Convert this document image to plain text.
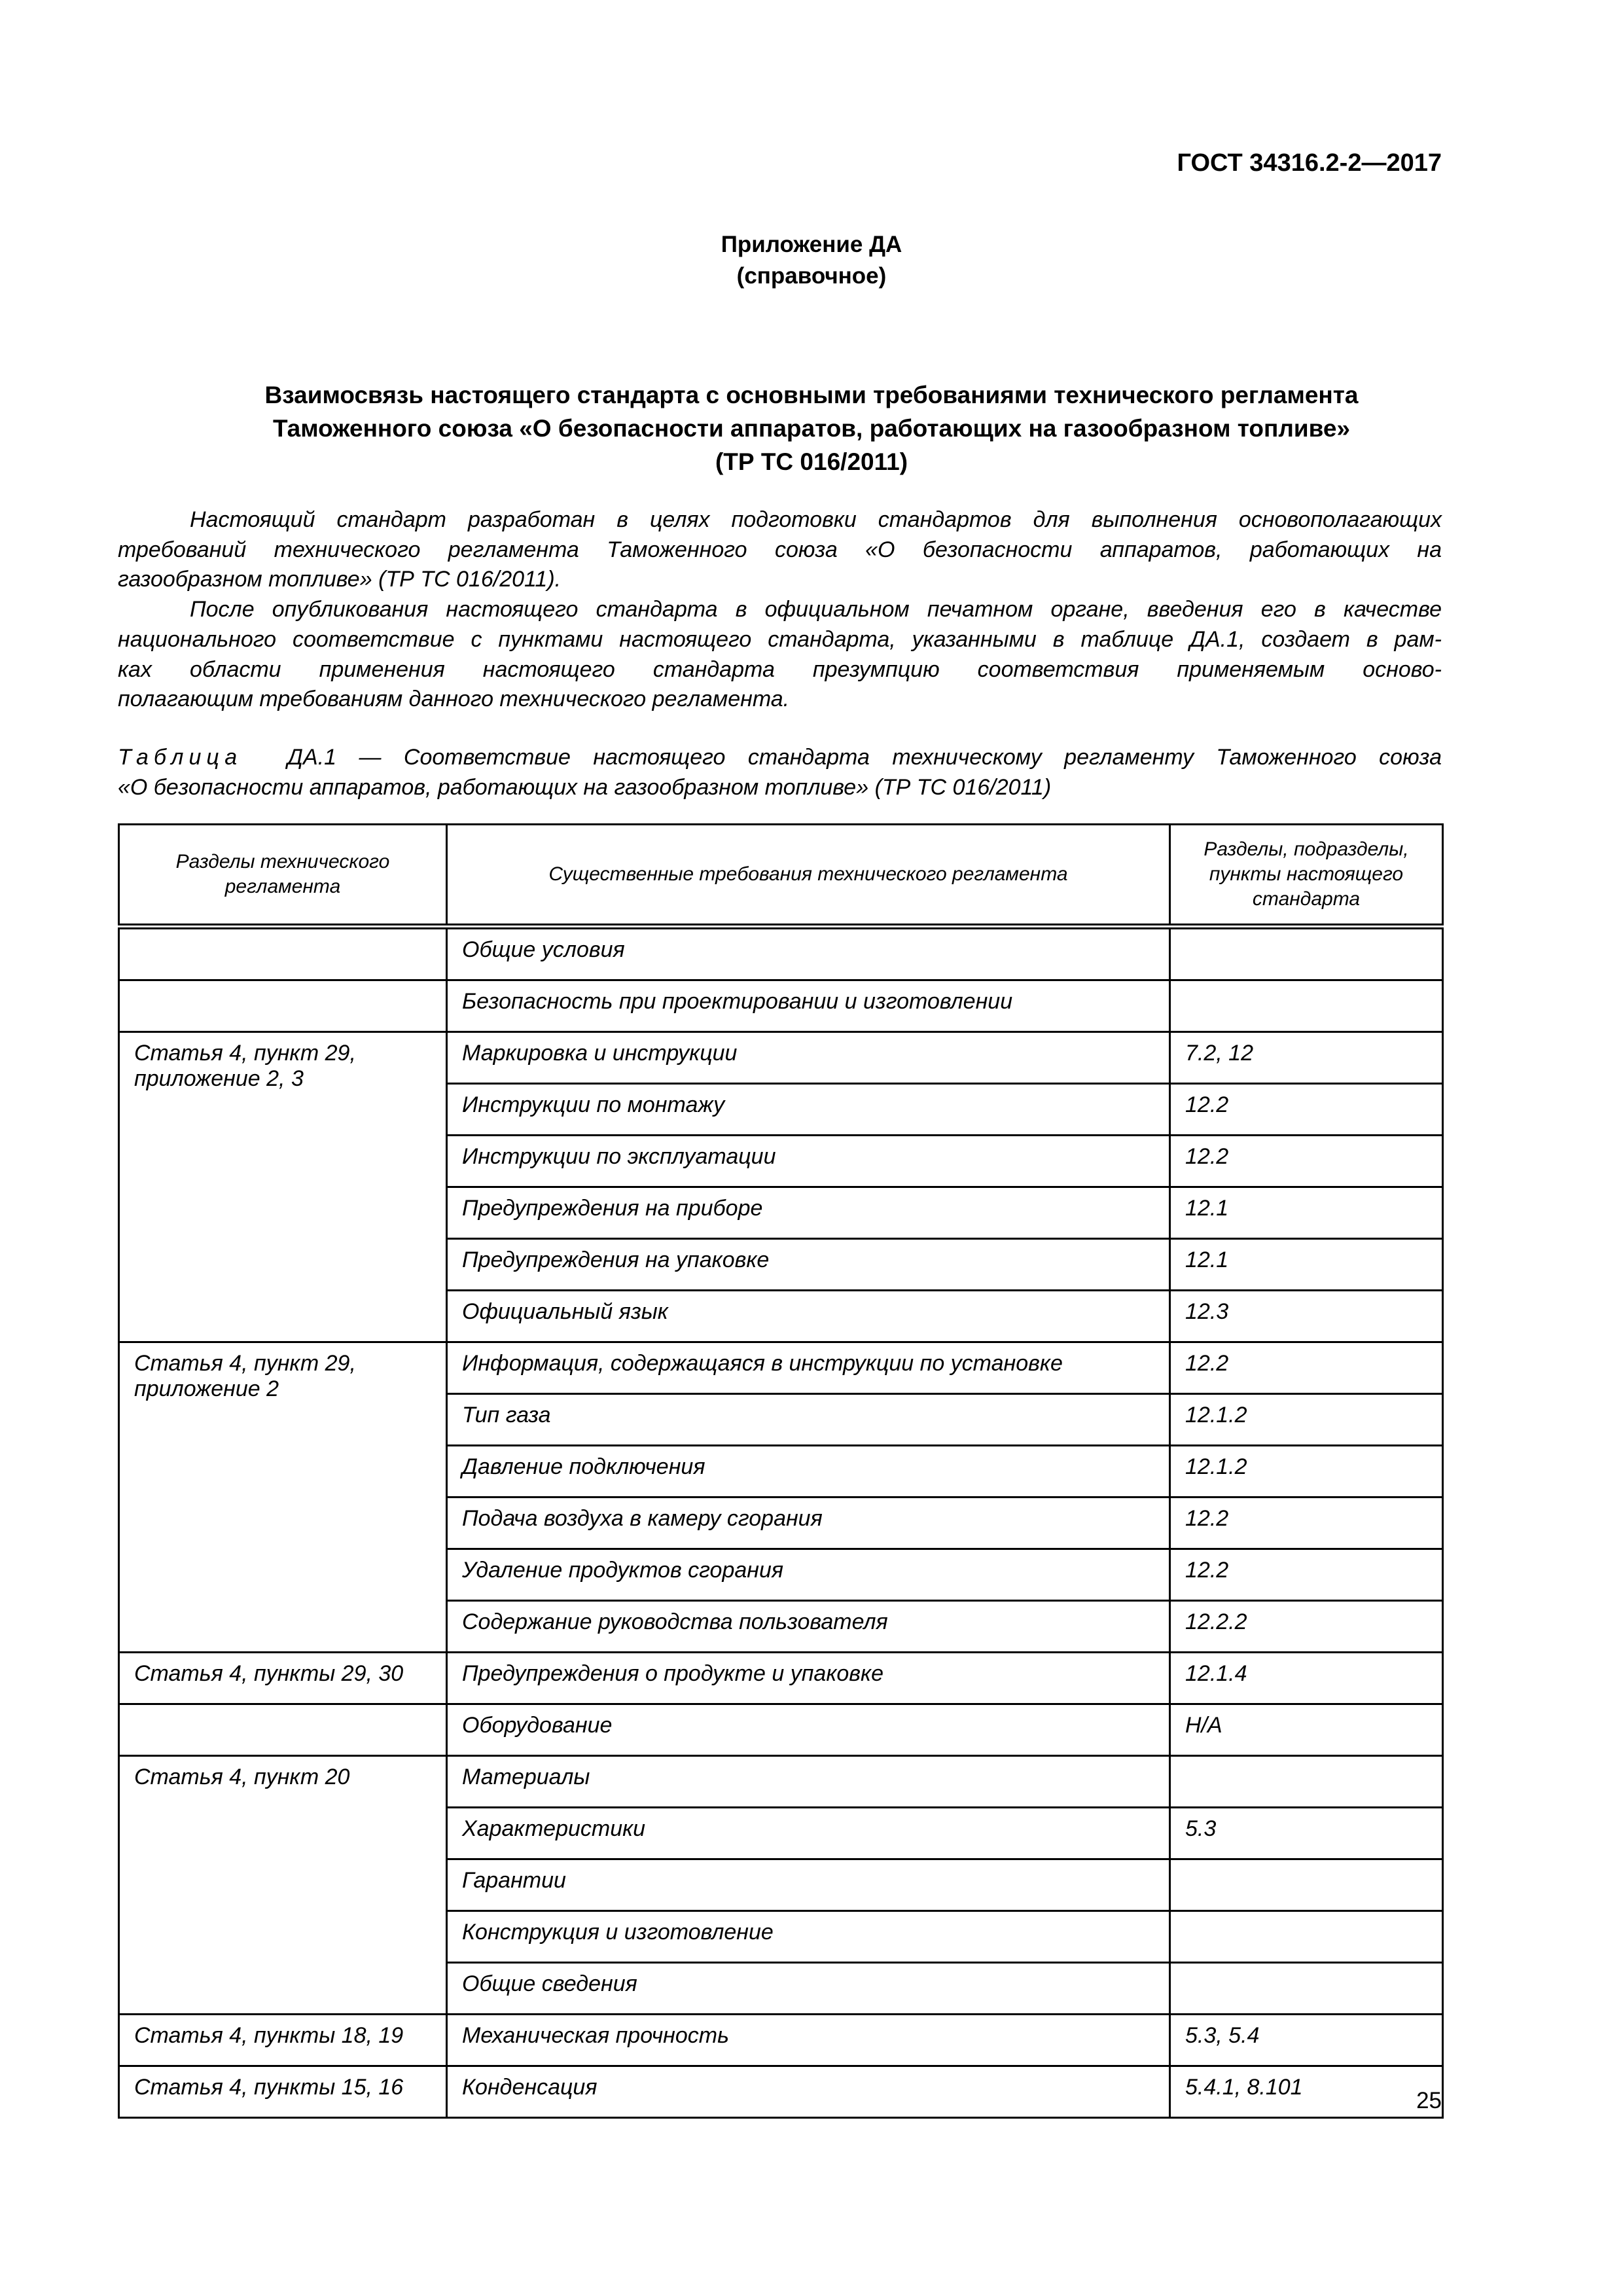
ГОСТ 34316.2-2—2017
Приложение ДА
(справочное)
Взаимосвязь настоящего стандарта с основными требованиями технического регламента
Таможенного союза «О безопасности аппаратов, работающих на газообразном топливе»
(ТР ТС 016/2011)
Настоящий стандарт разработан в целях подготовки стандартов для выполнения основополагающих
требований технического регламента Таможенного союза «О безопасности аппаратов, работающих на
газообразном топливе» (ТР ТС 016/2011).
После опубликования настоящего стандарта в официальном печатном органе, введения его в качестве
национального соответствие с пунктами настоящего стандарта, указанными в таблице ДА.1, создает в рам-
ках области применения настоящего стандарта презумпцию соответствия применяемым осново-
полагающим требованиям данного технического регламента.
Таблица ДА.1 — Соответствие настоящего стандарта техническому регламенту Таможенного союза
«О безопасности аппаратов, работающих на газообразном топливе» (ТР ТС 016/2011)
Разделы технического регламента	Существенные требования технического регламента	Разделы, подразделы, пункты настоящего стандарта
	Общие условия	
	Безопасность при проектировании и изготовлении	
Статья 4, пункт 29, приложение 2, 3	Маркировка и инструкции	7.2, 12
	Инструкции по монтажу	12.2
	Инструкции по эксплуатации	12.2
	Предупреждения на приборе	12.1
	Предупреждения на упаковке	12.1
	Официальный язык	12.3
Статья 4, пункт 29, приложение 2	Информация, содержащаяся в инструкции по установке	12.2
	Тип газа	12.1.2
	Давление подключения	12.1.2
	Подача воздуха в камеру сгорания	12.2
	Удаление продуктов сгорания	12.2
	Содержание руководства пользователя	12.2.2
Статья 4, пункты 29, 30	Предупреждения о продукте и упаковке	12.1.4
	Оборудование	Н/А
Статья 4, пункт 20	Материалы	
	Характеристики	5.3
	Гарантии	
	Конструкция и изготовление	
	Общие сведения	
Статья 4, пункты 18, 19	Механическая прочность	5.3, 5.4
Статья 4, пункты 15, 16	Конденсация	5.4.1, 8.101
25
